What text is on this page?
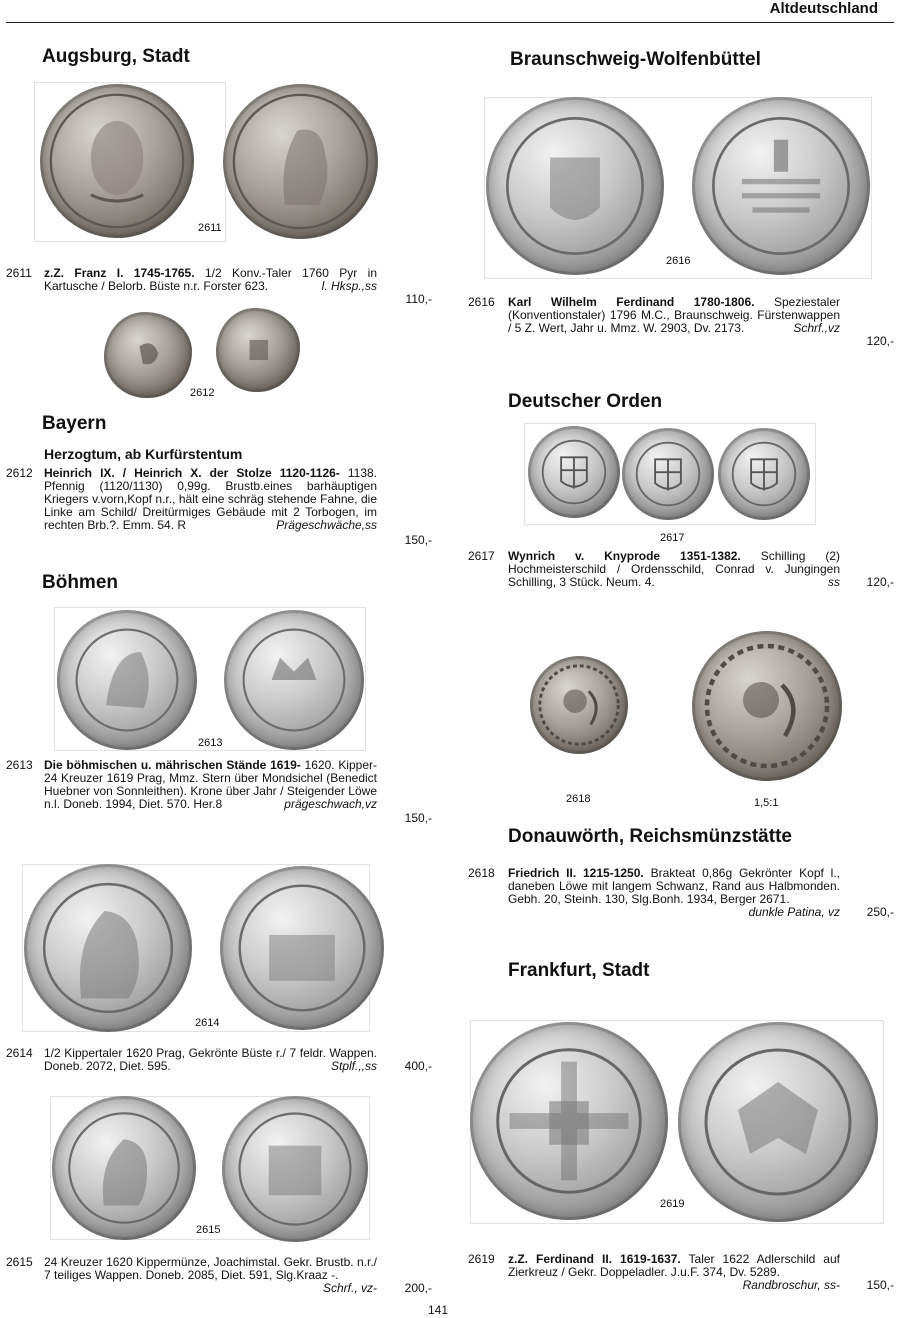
Altdeutschland
Augsburg, Stadt
2611
2611 z.Z. Franz I. 1745-1765. 1/2 Konv.-Taler 1760 Pyr in Kartusche / Belorb. Büste n.r. Forster 623.	l. Hksp.,ss

110,-
2612
Bayern
Herzogtum, ab Kurfürstentum
2612 Heinrich IX. / Heinrich X. der Stolze 1120-1126- 1138. Pfennig (1120/1130) 0,99g. Brustb.eines barhäuptigen Kriegers v.vorn,Kopf n.r., hält eine schräg stehende Fahne, die Linke am Schild/ Dreitürmiges Gebäude mit 2 Torbogen, im rechten Brb.?. Emm. 54. R	Prägeschwäche,ss

150,-
Böhmen
2613
2613 Die böhmischen u. mährischen Stände 1619- 1620. Kipper-24 Kreuzer 1619 Prag, Mmz. Stern über Mondsichel (Benedict Huebner von Sonnleithen). Krone über Jahr / Steigender Löwe n.l. Doneb. 1994, Diet. 570. Her.8	prägeschwach,vz

150,-
2614
2614 1/2 Kippertaler 1620 Prag, Gekrönte Büste r./ 7 feldr. Wappen. Doneb. 2072, Diet. 595.	Stplf.,,ss	400,-
2615
2615 24 Kreuzer 1620 Kippermünze, Joachimstal. Gekr. Brustb. n.r./ 7 teiliges Wappen. Doneb. 2085, Diet. 591, Slg.Kraaz -.
Schrf., vz-	200,-
Braunschweig-Wolfenbüttel
2616
2616 Karl Wilhelm Ferdinand 1780-1806. Speziestaler (Konventionstaler) 1796 M.C., Braunschweig. Fürstenwappen / 5 Z. Wert, Jahr u. Mmz. W. 2903, Dv. 2173.	Schrf.,vz

120,-
Deutscher Orden
2617
2617 Wynrich v. Knyprode 1351-1382. Schilling (2) Hochmeisterschild / Ordensschild, Conrad v. Jungingen Schilling, 3 Stück. Neum. 4.	ss	120,-
2618	1,5:1
Donauwörth, Reichsmünzstätte
2618 Friedrich II. 1215-1250. Brakteat 0,86g Gekrönter Kopf l., daneben Löwe mit langem Schwanz, Rand aus Halbmonden. Gebh. 20, Steinh. 130, Slg.Bonh. 1934, Berger 2671.
dunkle Patina, vz	250,-
Frankfurt, Stadt
2619
2619 z.Z. Ferdinand II. 1619-1637. Taler 1622 Adlerschild auf Zierkreuz / Gekr. Doppeladler. J.u.F. 374, Dv. 5289.
Randbroschur, ss-	150,-
141
